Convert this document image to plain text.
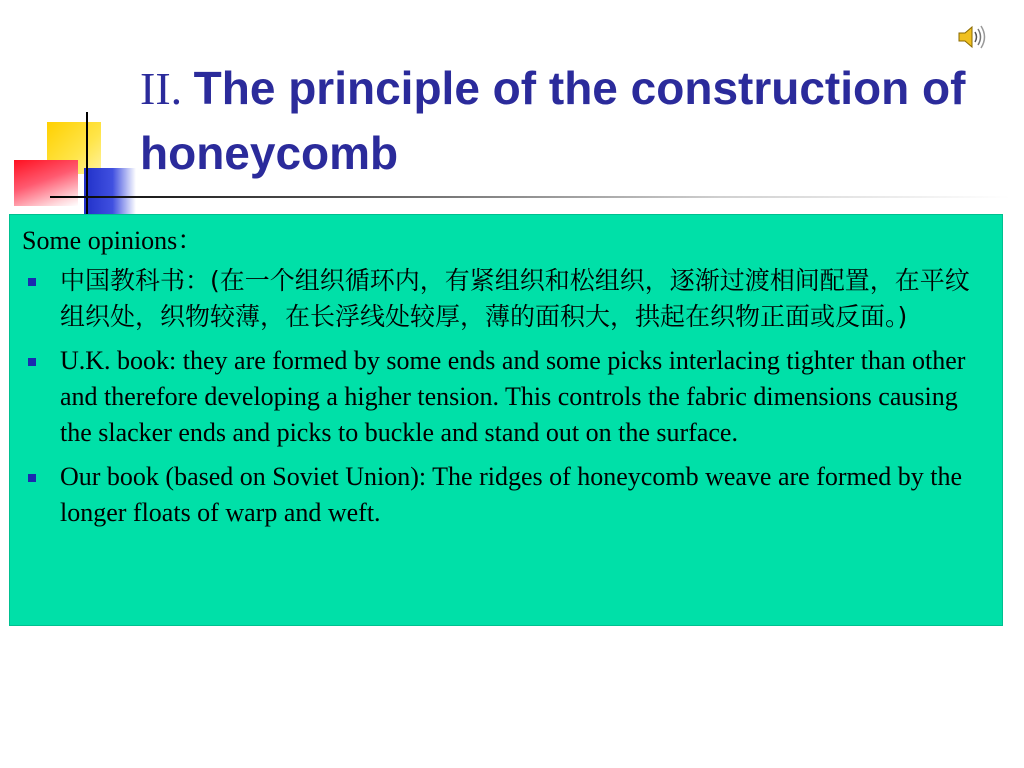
II. The principle of the construction of honeycomb

Some opinions：

中国教科书：(在一个组织循环内，有紧组织和松组织，逐渐过渡相间配置，在平纹组织处，织物较薄，在长浮线处较厚，薄的面积大，拱起在织物正面或反面。)
U.K. book: they are formed by some ends and some picks interlacing tighter than other and therefore developing a higher tension. This controls the fabric dimensions causing the slacker ends and picks to buckle and stand out on the surface.
Our book (based on Soviet Union): The ridges of honeycomb weave are formed by the longer floats of warp and weft.
